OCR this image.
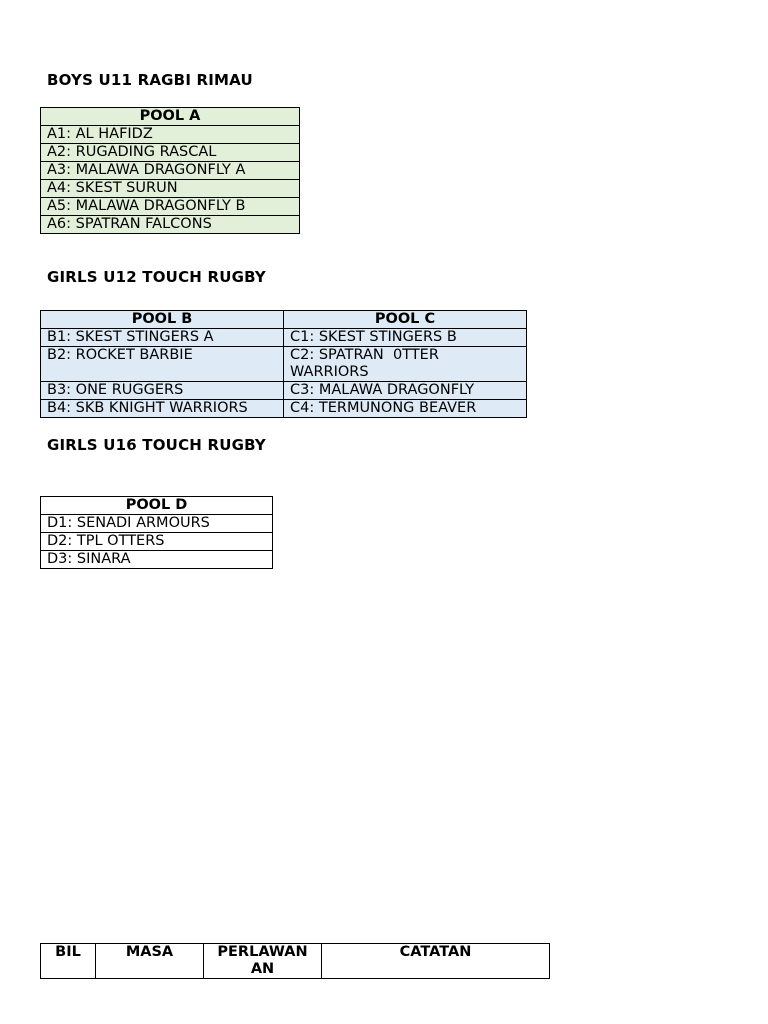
BOYS U11 RAGBI RIMAU
POOL A
A1: AL HAFIDZ
A2: RUGADING RASCAL
A3: MALAWA DRAGONFLY A
A4: SKEST SURUN
A5: MALAWA DRAGONFLY B
A6: SPATRAN FALCONS
GIRLS U12 TOUCH RUGBY
POOL B	POOL C
B1: SKEST STINGERS A	C1: SKEST STINGERS B
B2: ROCKET BARBIE	C2: SPATRAN  0TTER WARRIORS
B3: ONE RUGGERS	C3: MALAWA DRAGONFLY
B4: SKB KNIGHT WARRIORS	C4: TERMUNONG BEAVER
GIRLS U16 TOUCH RUGBY
POOL D
D1: SENADI ARMOURS
D2: TPL OTTERS
D3: SINARA
BIL	MASA	PERLAWAN AN	CATATAN
